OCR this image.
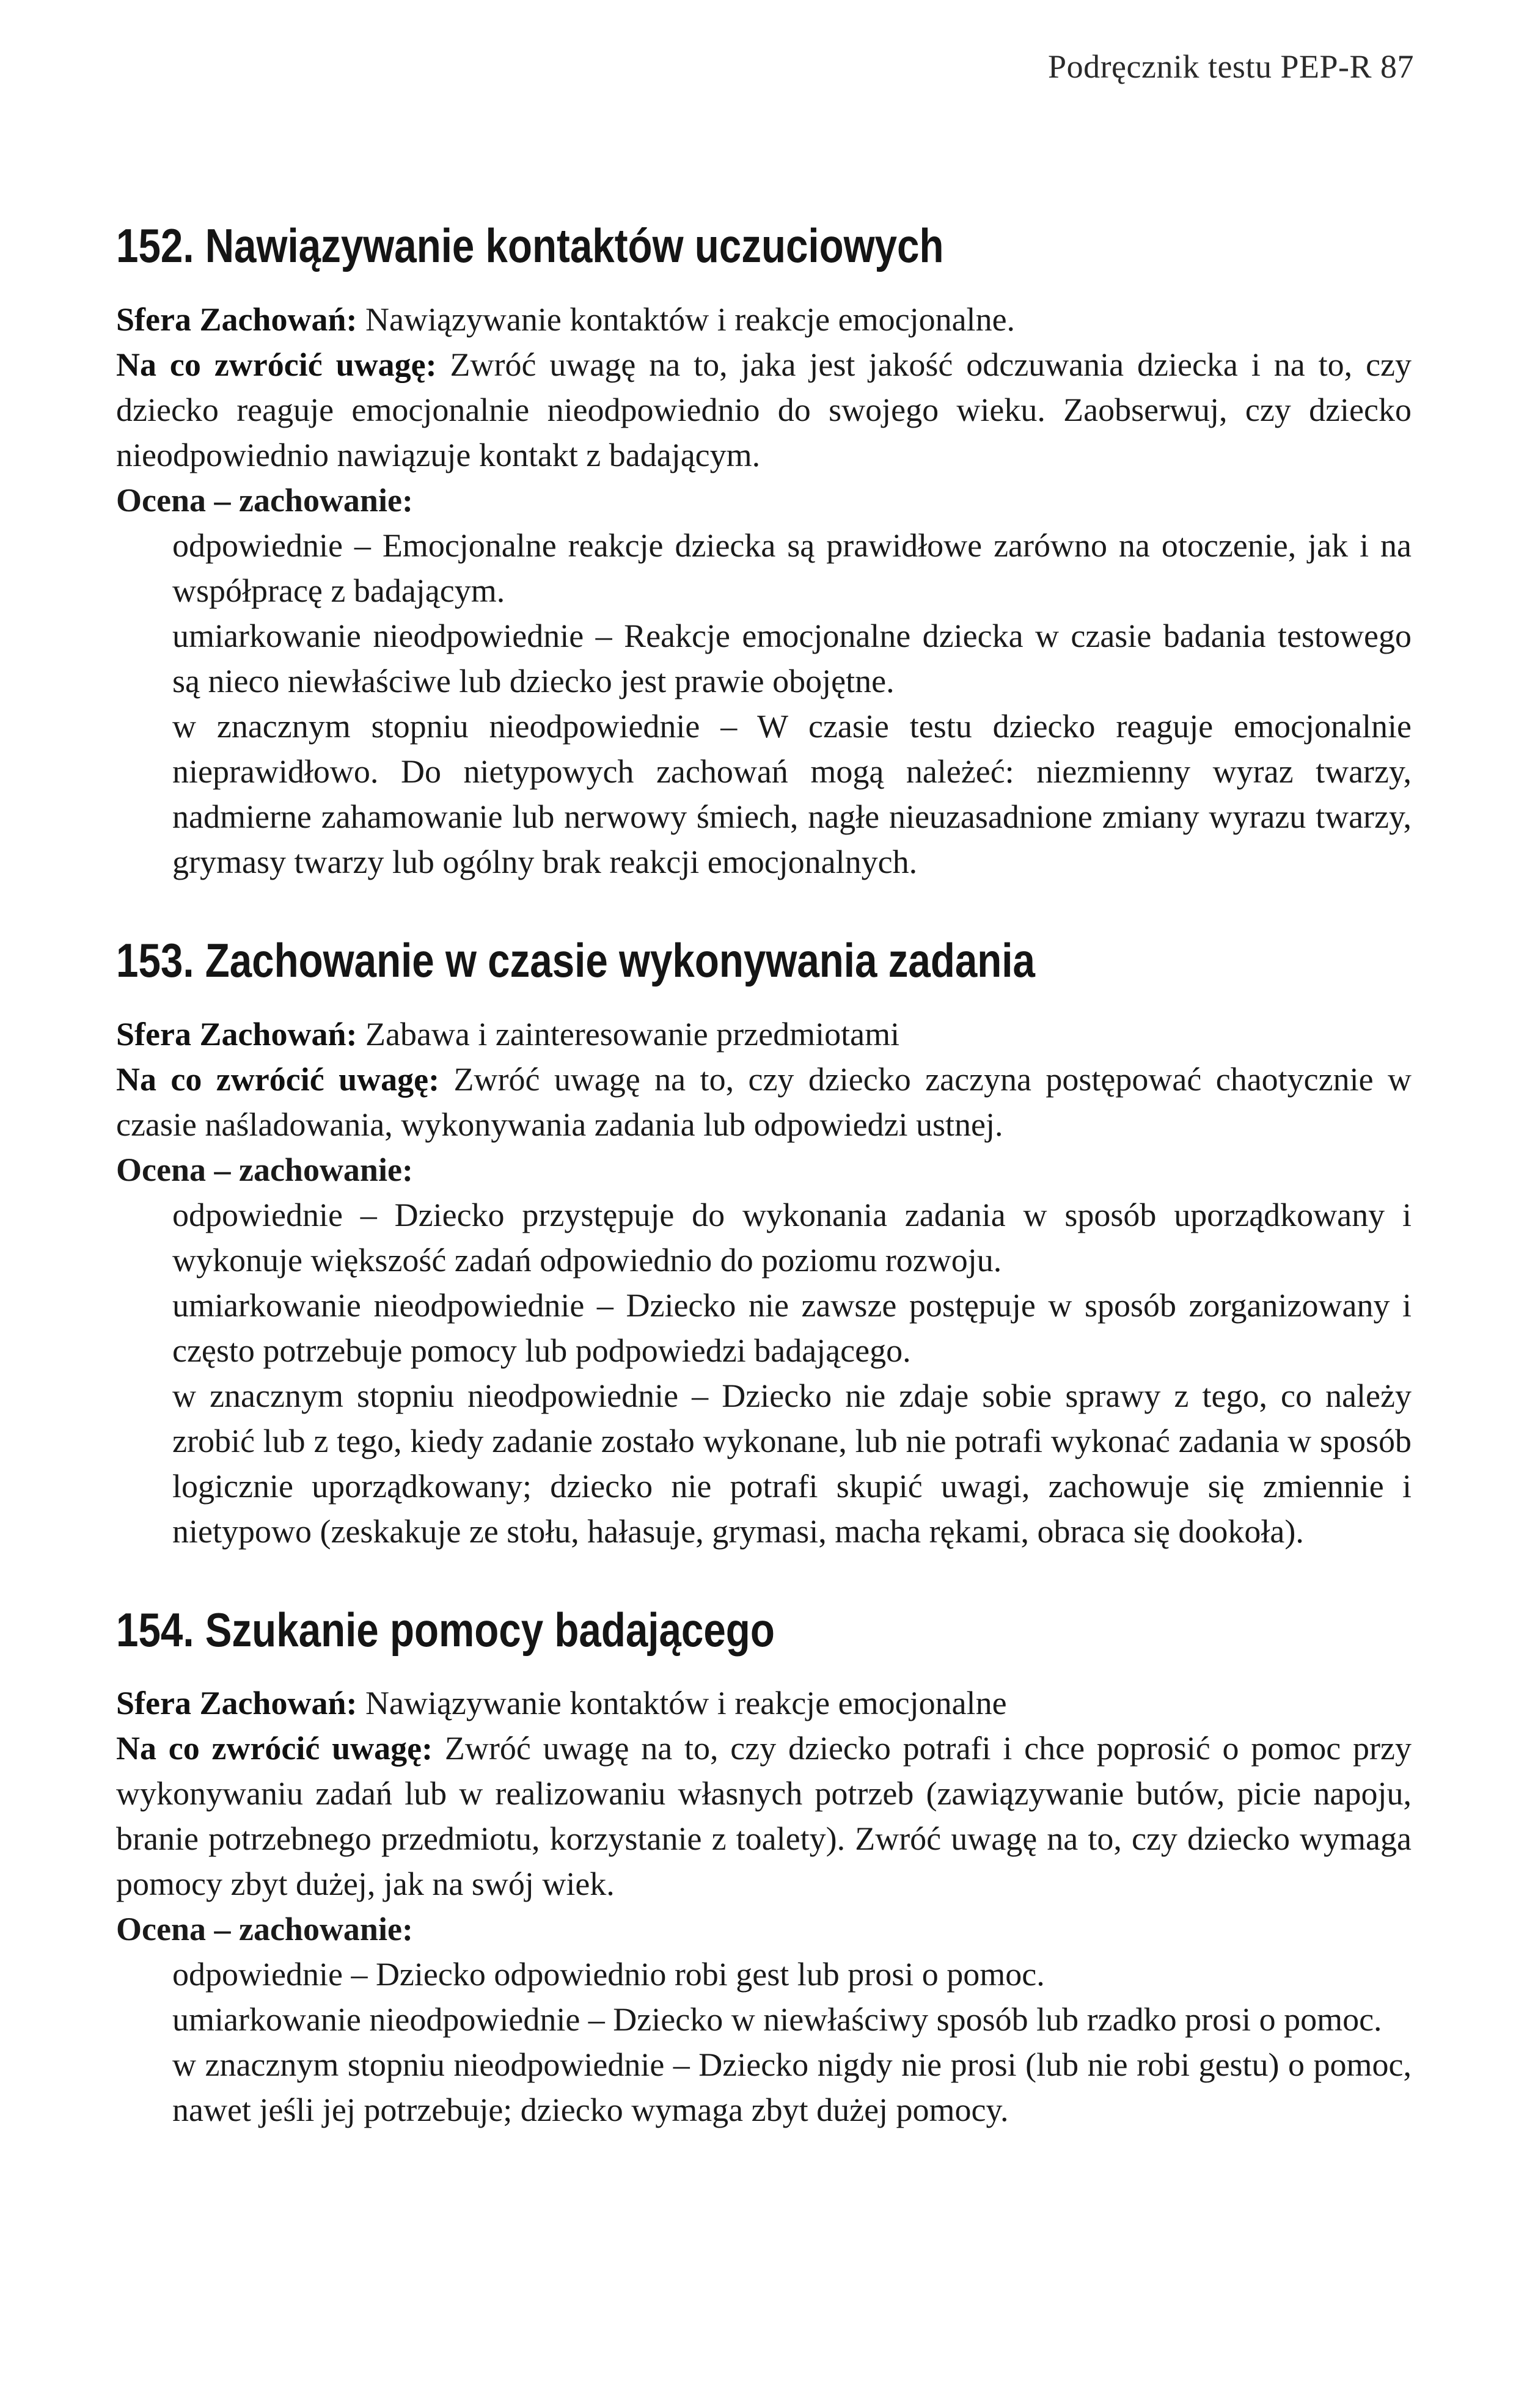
Podręcznik testu PEP-R 87
152. Nawiązywanie kontaktów uczuciowych

Sfera Zachowań: Nawiązywanie kontaktów i reakcje emocjonalne.

Na co zwrócić uwagę: Zwróć uwagę na to, jaka jest jakość odczuwania dziecka i na to, czy dziecko reaguje emocjonalnie nieodpowiednio do swojego wieku. Zaobserwuj, czy dziecko nieodpowiednio nawiązuje kontakt z badającym.

Ocena – zachowanie:

odpowiednie – Emocjonalne reakcje dziecka są prawidłowe zarówno na otoczenie, jak i na współpracę z badającym.

umiarkowanie nieodpowiednie – Reakcje emocjonalne dziecka w czasie badania testowego są nieco niewłaściwe lub dziecko jest prawie obojętne.

w znacznym stopniu nieodpowiednie – W czasie testu dziecko reaguje emocjonalnie nieprawidłowo. Do nietypowych zachowań mogą należeć: niezmienny wyraz twarzy, nadmierne zahamowanie lub nerwowy śmiech, nagłe nieuzasadnione zmiany wyrazu twarzy, grymasy twarzy lub ogólny brak reakcji emocjonalnych.

153. Zachowanie w czasie wykonywania zadania

Sfera Zachowań: Zabawa i zainteresowanie przedmiotami

Na co zwrócić uwagę: Zwróć uwagę na to, czy dziecko zaczyna postępować chaotycznie w czasie naśladowania, wykonywania zadania lub odpowiedzi ustnej.

Ocena – zachowanie:

odpowiednie – Dziecko przystępuje do wykonania zadania w sposób uporządkowany i wykonuje większość zadań odpowiednio do poziomu rozwoju.

umiarkowanie nieodpowiednie – Dziecko nie zawsze postępuje w sposób zorganizowany i często potrzebuje pomocy lub podpowiedzi badającego.

w znacznym stopniu nieodpowiednie – Dziecko nie zdaje sobie sprawy z tego, co należy zrobić lub z tego, kiedy zadanie zostało wykonane, lub nie potrafi wykonać zadania w sposób logicznie uporządkowany; dziecko nie potrafi skupić uwagi, zachowuje się zmiennie i nietypowo (zeskakuje ze stołu, hałasuje, grymasi, macha rękami, obraca się dookoła).

154. Szukanie pomocy badającego

Sfera Zachowań: Nawiązywanie kontaktów i reakcje emocjonalne

Na co zwrócić uwagę: Zwróć uwagę na to, czy dziecko potrafi i chce poprosić o pomoc przy wykonywaniu zadań lub w realizowaniu własnych potrzeb (zawiązywanie butów, picie napoju, branie potrzebnego przedmiotu, korzystanie z toalety). Zwróć uwagę na to, czy dziecko wymaga pomocy zbyt dużej, jak na swój wiek.

Ocena – zachowanie:

odpowiednie – Dziecko odpowiednio robi gest lub prosi o pomoc.

umiarkowanie nieodpowiednie – Dziecko w niewłaściwy sposób lub rzadko prosi o pomoc.

w znacznym stopniu nieodpowiednie – Dziecko nigdy nie prosi (lub nie robi gestu) o pomoc, nawet jeśli jej potrzebuje; dziecko wymaga zbyt dużej pomocy.
